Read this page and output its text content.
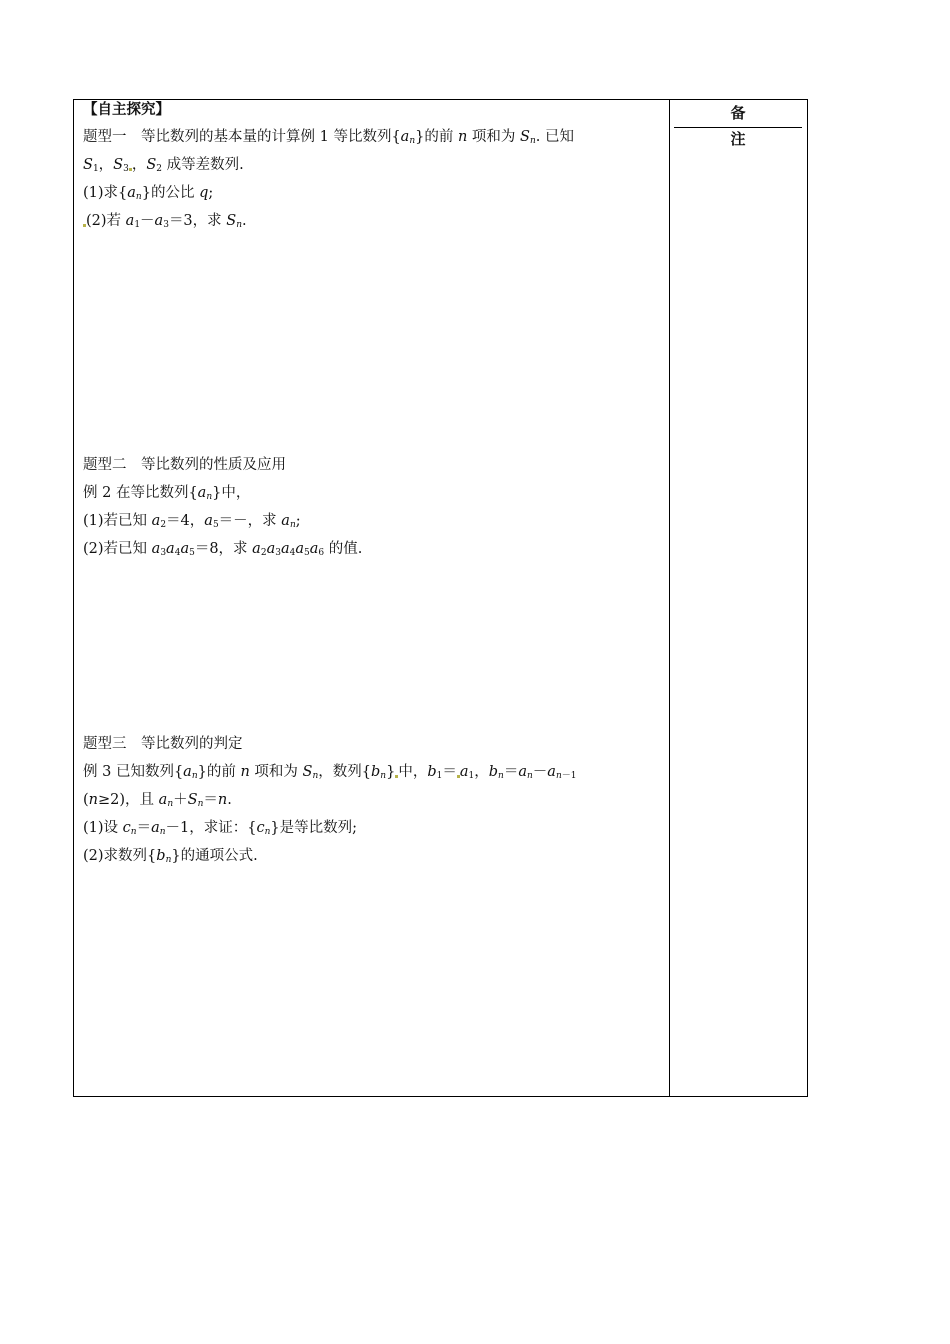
备　注
【自主探究】
题型一　等比数列的基本量的计算例 1 等比数列{an}的前 n 项和为 Sn. 已知
$S_1$，$S_3$ ，$S_2$ 成等差数列.
(1)求{an}的公比 q;
(2)若 $a_1-a_3=3$，求 Sn.
题型二　等比数列的性质及应用
例 2 在等比数列{an}中，
(1)若已知 $a_2=4$，$a_5=-$，求 an;
(2)若已知 $a_3a_4a_5=8$，求 $a_2a_3a_4a_5a_6$ 的值.
题型三　等比数列的判定
例 3 已知数列{an}的前 n 项和为 Sn，数列{bn} 中，$b_1= a_1$，$bn=an-an_{-1}$
(n≥2)，且 an＋Sn＝n.
(1)设 cn＝an－1，求证：{cn}是等比数列;
(2)求数列{bn}的通项公式.
